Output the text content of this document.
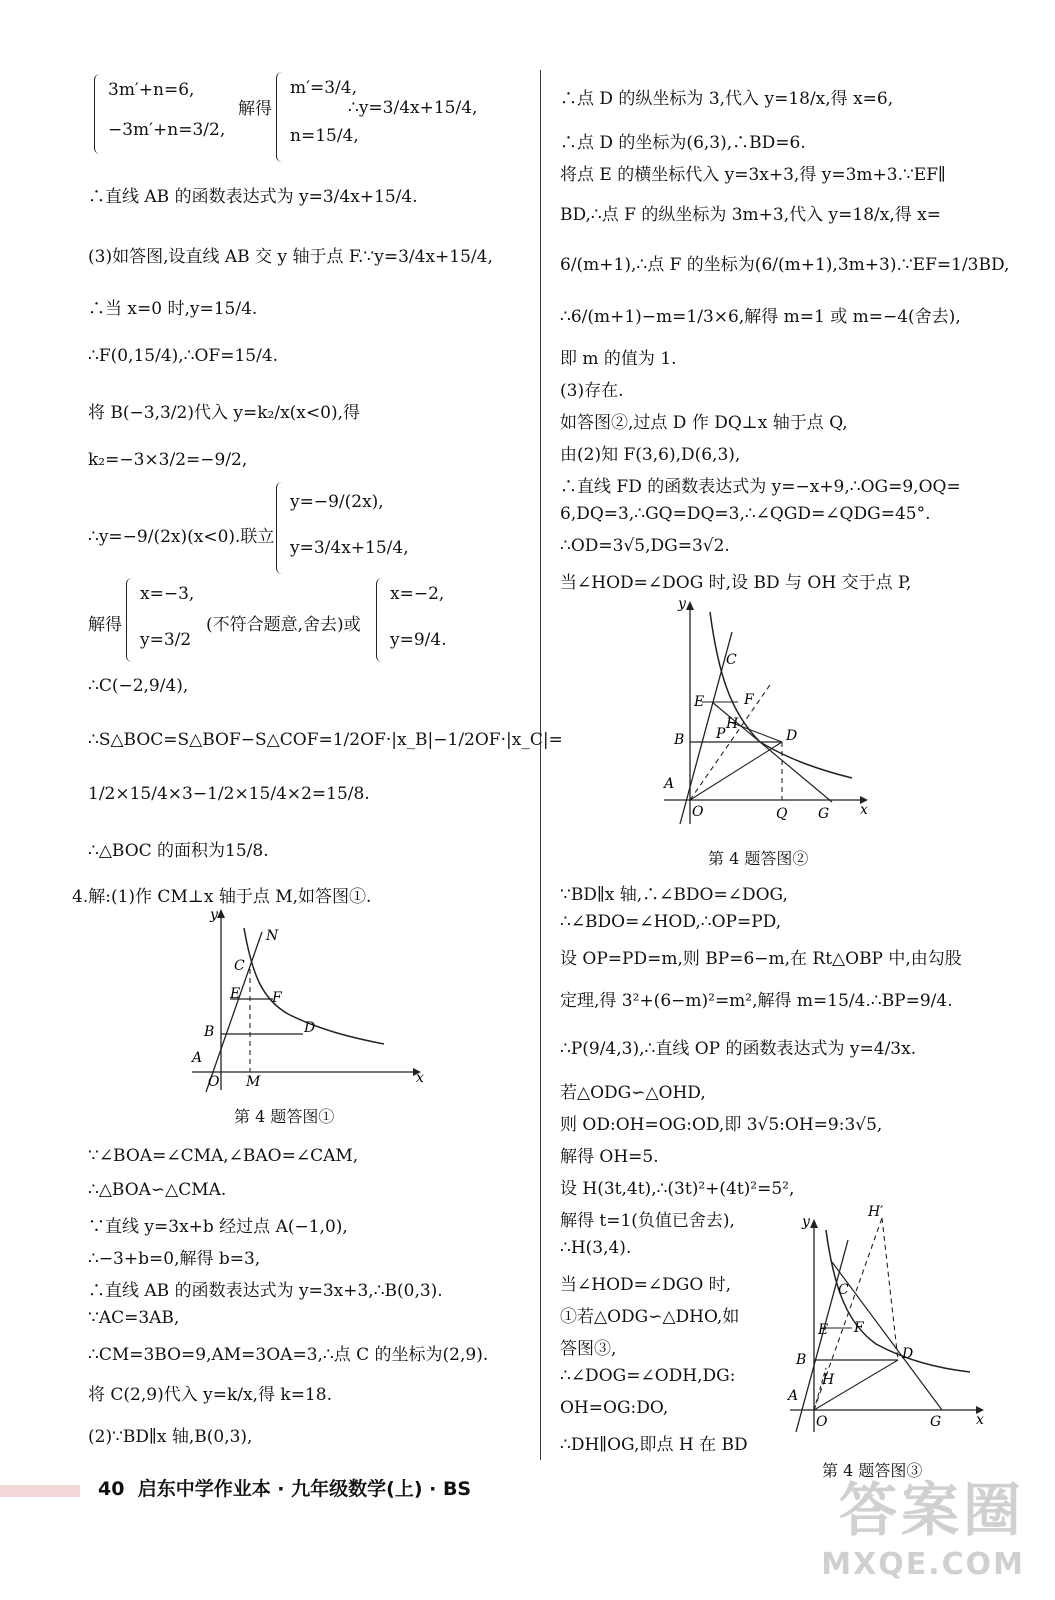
3m′+n=6,
−3m′+n=3/2,
解得
m′=3/4,
n=15/4,
∴y=3/4x+15/4,
∴直线 AB 的函数表达式为 y=3/4x+15/4.
(3)如答图,设直线 AB 交 y 轴于点 F.∵y=3/4x+15/4,
∴当 x=0 时,y=15/4.
∴F(0,15/4),∴OF=15/4.
将 B(−3,3/2)代入 y=k₂/x(x<0),得
k₂=−3×3/2=−9/2,
∴y=−9/(2x)(x<0).联立
y=−9/(2x),
y=3/4x+15/4,
解得
x=−3,
y=3/2
(不符合题意,舍去)或
x=−2,
y=9/4.
∴C(−2,9/4),
∴S△BOC=S△BOF−S△COF=1/2OF·|x_B|−1/2OF·|x_C|=
1/2×15/4×3−1/2×15/4×2=15/8.
∴△BOC 的面积为15/8.
4.解:(1)作 CM⊥x 轴于点 M,如答图①.
y
N
C
E F
B	D
A
O M	x
第 4 题答图①
∵∠BOA=∠CMA,∠BAO=∠CAM,
∴△BOA∽△CMA.
∵直线 y=3x+b 经过点 A(−1,0),
∴−3+b=0,解得 b=3,
∴直线 AB 的函数表达式为 y=3x+3,∴B(0,3).
∵AC=3AB,
∴CM=3BO=9,AM=3OA=3,∴点 C 的坐标为(2,9).
将 C(2,9)代入 y=k/x,得 k=18.
(2)∵BD∥x 轴,B(0,3),
∴点 D 的纵坐标为 3,代入 y=18/x,得 x=6,
∴点 D 的坐标为(6,3),∴BD=6.
将点 E 的横坐标代入 y=3x+3,得 y=3m+3.∵EF∥
BD,∴点 F 的纵坐标为 3m+3,代入 y=18/x,得 x=
6/(m+1),∴点 F 的坐标为(6/(m+1),3m+3).∵EF=1/3BD,
∴6/(m+1)−m=1/3×6,解得 m=1 或 m=−4(舍去),
即 m 的值为 1.
(3)存在.
如答图②,过点 D 作 DQ⊥x 轴于点 Q,
由(2)知 F(3,6),D(6,3),
∴直线 FD 的函数表达式为 y=−x+9,∴OG=9,OQ=
6,DQ=3,∴GQ=DQ=3,∴∠QGD=∠QDG=45°.
∴OD=3√5,DG=3√2.
当∠HOD=∠DOG 时,设 BD 与 OH 交于点 P,
y
C
E	F
H
B P	D
A
O	Q G x
第 4 题答图②
∵BD∥x 轴,∴∠BDO=∠DOG,
∴∠BDO=∠HOD,∴OP=PD,
设 OP=PD=m,则 BP=6−m,在 Rt△OBP 中,由勾股
定理,得 3²+(6−m)²=m²,解得 m=15/4.∴BP=9/4.
∴P(9/4,3),∴直线 OP 的函数表达式为 y=4/3x.
若△ODG∽△OHD,
则 OD:OH=OG:OD,即 3√5:OH=9:3√5,
解得 OH=5.
设 H(3t,4t),∴(3t)²+(4t)²=5²,
解得 t=1(负值已舍去),
∴H(3,4).
当∠HOD=∠DGO 时,
①若△ODG∽△DHO,如
答图③,
∴∠DOG=∠ODH,DG:
OH=OG:DO,
∴DH∥OG,即点 H 在 BD
y
H′
C
E F
B
H
D
A
O	G x
第 4 题答图③
40 启东中学作业本 · 九年级数学(上) · BS	答案圈
MXQE.COM
